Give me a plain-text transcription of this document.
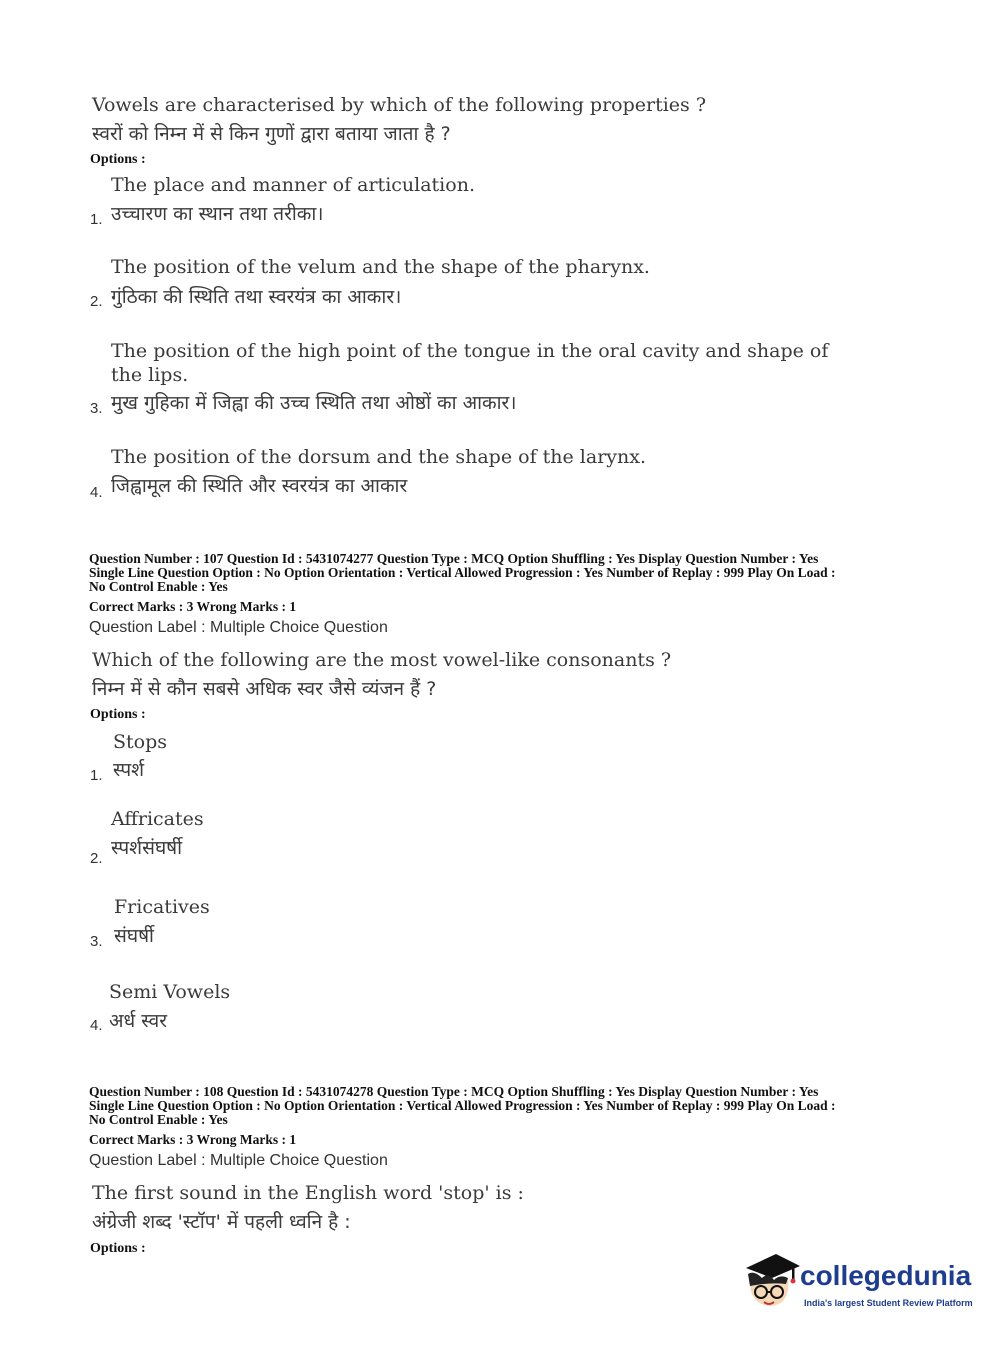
Vowels are characterised by which of the following properties ?
स्वरों को निम्न में से किन गुणों द्वारा बताया जाता है ?
Options :
The place and manner of articulation.
उच्चारण का स्थान तथा तरीका।
1.
The position of the velum and the shape of the pharynx.
गुंठिका की स्थिति तथा स्वरयंत्र का आकार।
2.
The position of the high point of the tongue in the oral cavity and shape of
the lips.
मुख गुहिका में जिह्वा की उच्च स्थिति तथा ओष्ठों का आकार।
3.
The position of the dorsum and the shape of the larynx.
जिह्वामूल की स्थिति और स्वरयंत्र का आकार
4.
Question Number : 107 Question Id : 5431074277 Question Type : MCQ Option Shuffling : Yes Display Question Number : Yes
Single Line Question Option : No Option Orientation : Vertical Allowed Progression : Yes Number of Replay : 999 Play On Load :
No Control Enable : Yes
Correct Marks : 3 Wrong Marks : 1
Question Label : Multiple Choice Question
Which of the following are the most vowel-like consonants ?
निम्न में से कौन सबसे अधिक स्वर जैसे व्यंजन हैं ?
Options :
Stops
स्पर्श
1.
Affricates
स्पर्शसंघर्षी
2.
Fricatives
संघर्षी
3.
Semi Vowels
अर्ध स्वर
4.
Question Number : 108 Question Id : 5431074278 Question Type : MCQ Option Shuffling : Yes Display Question Number : Yes
Single Line Question Option : No Option Orientation : Vertical Allowed Progression : Yes Number of Replay : 999 Play On Load :
No Control Enable : Yes
Correct Marks : 3 Wrong Marks : 1
Question Label : Multiple Choice Question
The first sound in the English word 'stop' is :
अंग्रेजी शब्द 'स्टॉप' में पहली ध्वनि है :
Options :
collegedunia
India's largest Student Review Platform
